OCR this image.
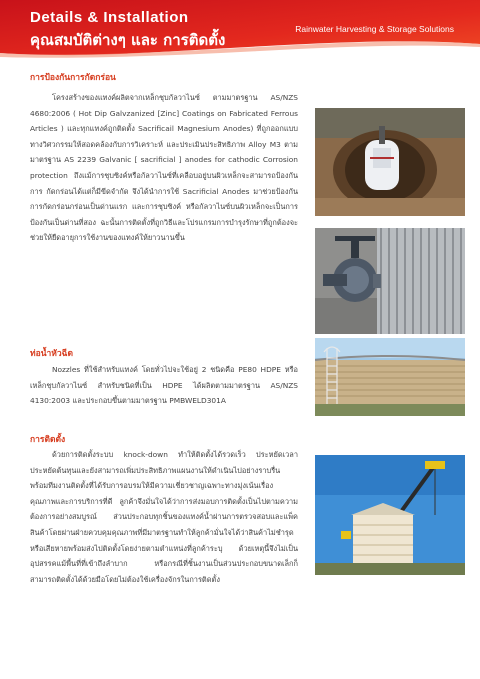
Details & Installation
คุณสมบัติต่างๆ และ การติดตั้ง
Rainwater Harvesting & Storage Solutions
การป้องกันการกัดกร่อน
โครงสร้างของแทงค์ผลิตจากเหล็กชุบกัลวาไนซ์ ตามมาตรฐาน AS/NZS 4680:2006 ( Hot Dip Galvzanized [Zinc] Coatings on Fabricated Ferrous Articles ) และทุกแทงค์ถูกติดตั้ง Sacrificail Magnesium Anodes) ที่ถูกออกแบบทางวิศวกรรมให้สอดคล้องกับการวิเคราะห์ และประเมินประสิทธิภาพ Alloy M3 ตามมาตรฐาน AS 2239 Galvanic [ sacrificial ] anodes for cathodic Corrosion protection ถึงแม้การชุบซิงค์หรือกัลวาไนซ์ที่เคลือบอยู่บนผิวเหล็กจะสามารถป้องกันการ กัดกร่อนได้แต่ก็มีขีดจำกัด จึงได้นำการใช้ Sacrificial Anodes มาช่วยป้องกันการกัดกร่อนกร่อนเป็นด่านแรก และการชุบซิงค์ หรือกัลวาไนซ์บนผิวเหล็กจะเป็นการป้องกันเป็นด่านที่สอง ฉะนั้นการติดตั้งที่ถูกวิธีและโปรแกรมการบำรุงรักษาที่ถูกต้องจะช่วยให้ยืดอายุการใช้งานของแทงค์ให้ยาวนานขึ้น
ท่อน้ำหัวฉีด
Nozzles ที่ใช้สำหรับแทงค์ โดยทั่วไปจะใช้อยู่ 2 ชนิดคือ PE80 HDPE หรือ เหล็กชุบกัลวาไนซ์ สำหรับชนิดที่เป็น HDPE ได้ผลิตตามมาตรฐาน AS/NZS 4130:2003 และประกอบขึ้นตามมาตรฐาน PMBWELD301A
การติดตั้ง
ด้วยการติดตั้งระบบ knock-down ทำให้ติดตั้งได้รวดเร็ว ประหยัดเวลา ประหยัดต้นทุนและยังสามารถเพิ่มประสิทธิภาพแผนงานให้ดำเนินไปอย่างราบรื่นพร้อมทีมงานติดตั้งที่ได้รับการอบรมให้มีความเชี่ยวชาญเฉพาะทางมุ่งเน้นเรื่องคุณภาพและการบริการที่ดี ลูกค้าจึงมั่นใจได้ว่าการส่งมอบการติดตั้งเป็นไปตามความต้องการอย่างสมบูรณ์ ส่วนประกอบทุกชิ้นของแทงค์น้ำผ่านการตรวจสอบและแพ็คสินค้าโดยผ่านฝ่ายควบคุมคุณภาพที่มีมาตรฐานทำให้ลูกค้ามั่นใจได้ว่าสินค้าไม่ชำรุด หรือเสียหายพร้อมส่งไปติดตั้งโดยง่ายตามตำแหน่งที่ลูกค้าระบุ ด้วยเหตุนี้จึงไม่เป็นอุปสรรคแม้พื้นที่ที่เข้าถึงลำบาก หรือกรณีที่ชิ้นงานเป็นส่วนประกอบขนาดเล็กก็สามารถติดตั้งได้ด้วยมือโดยไม่ต้องใช้เครื่องจักรในการติดตั้ง
